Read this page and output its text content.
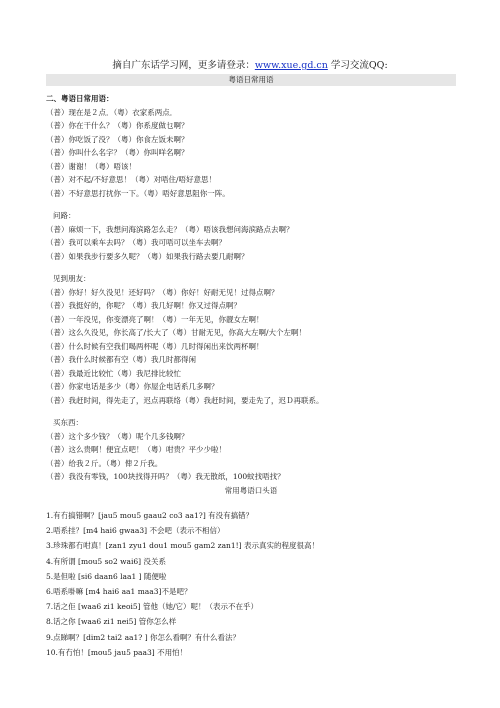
摘自广东话学习网，更多请登录：www.xue.gd.cn 学习交流QQ:
粤语日常用语
二、粤语日常用语：
（普）现在是２点．（粤）衣家系两点．
（普）你在干什么？（粤）你系度做乜啊？
（普）你吃饭了没？（粤）你食左饭未啊？
（普）你叫什么名字？（粤）你叫咩名啊？
（普）谢谢！（粤）唔该！
（普）对不起/不好意思！（粤）对唔住/唔好意思！
（普）不好意思打扰你一下。（粤）唔好意思阻你一阵。
问路：
（普）麻烦一下，我想问海滨路怎么走？（粤）唔该我想问海滨路点去啊？
（普）我可以乘车去吗？（粤）我可唔可以坐车去啊？
（普）如果我步行要多久呢？（粤）如果我行路去要几耐啊？
见到朋友：
（普）你好！好久没见！还好吗？（粤）你好！好耐无见！过得点啊？
（普）我挺好的，你呢？（粤）我几好啊！你又过得点啊？
（普）一年没见，你变漂亮了啊！（粤）一年无见，你靓女左啊！
（普）这么久没见，你长高了/长大了（粤）甘耐无见，你高大左啊/大个左啊！
（普）什么时候有空我们喝两杯呢（粤）几时得闲出来饮两杯啊！
（普）我什么时候都有空（粤）我几时都得闲
（普）我最近比较忙（粤）我尼排比较忙
（普）你家电话是多少（粤）你屋企电话系几多啊？
（普）我赶时间，得先走了，迟点再联络（粤）我赶时间，要走先了，迟Ｄ再联系。
买东西：
（普）这个多少钱？（粤）呢个几多钱啊？
（普）这么贵啊！便宜点吧！（粤）咁贵？平少少啦！
（普）给我２斤。（粤）俾２斤我。
（普）我没有零钱，100块找得开吗？（粤）我无散纸，100蚊找唔找？
常用粤语口头语
1.有冇搞错啊？[jau5 mou5 gaau2 co3 aa1?] 有没有搞错？
2.唔系挂？[m4 hai6 gwaa3] 不会吧（表示不相信）
3.珍珠都冇咁真！[zan1 zyu1 dou1 mou5 gam2 zan1!] 表示真实的程度很高！
4.有所谓 [mou5 so2 wai6] 没关系
5.是但啦 [si6 daan6 laa1 ] 随便啦
6.唔系啩嘛 [m4 hai6 aa1 maa3]不是吧？
7.话之佢 [waa6 zi1 keoi5] 管他（她/它）呢！（表示不在乎）
8.话之你 [waa6 zi1 nei5] 管你怎么样
9.点睇啊？[dim2 tai2 aa1? ] 你怎么看啊？有什么看法？
10.有冇怕！[mou5 jau5 paa3] 不用怕！
